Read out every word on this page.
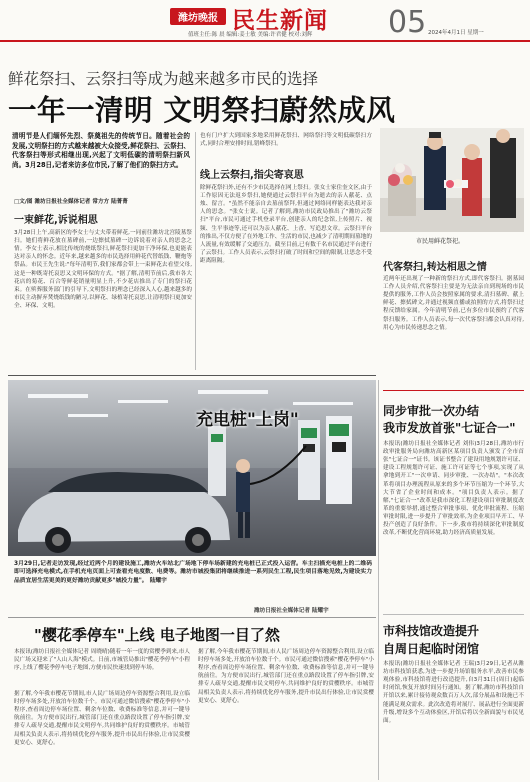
潍坊晚报 民生新闻 05 2024年4月1日 星期一
值班主任:陈 晨 编辑:姜士敏 美编:许君健 校对:刘辉
鲜花祭扫、云祭扫等成为越来越多市民的选择
一年一清明 文明祭扫蔚然成风
清明节是人们缅怀先烈、祭奠祖先的传统节日。随着社会的发展,文明祭扫的方式越来越被大众接受,鲜花祭扫、云祭扫、代客祭扫等形式相继出现,兴起了文明低碳的清明祭扫新风尚。3月28日,记者来访多位市民,了解了他们的祭扫方式。
□文/图 潍坊日报社全媒体记者 常方方 陆菁菁
一束鲜花,诉说相思
3月28日上午,高新区的李女士与丈夫带着鲜花,一同前往潍坊北宫陵墓祭扫。她们将鲜花放在墓碑前,一边擦拭墓碑一边诉说着对亲人的思念之情。李女士表示,相比传统的烧纸祭扫,鲜花祭扫更加干净环保,也更能表达对亲人的怀念。近年来,越来越多的市民选择用鲜花代替纸钱、鞭炮等祭品。市民王先生说:"每年清明节,我们家都会带上一束鲜花去看望父母,这是一种既寄托哀思又文明环保的方式。"据了解,清明节前后,我市各大花店的菊花、百合等鲜花销量明显上升,不少花店推出了专门的祭扫花束。在殡葬服务部门的引导下,文明祭扫的理念已经深入人心,越来越多的市民主动摒弃焚烧纸钱的陋习,以鲜花、绿植寄托哀思,让清明祭扫更加安全、环保、文明。
也有门户扩大到国家多地采用鲜花祭扫、网络祭扫等文明低碳祭扫方式,同时合理安排时间,错峰祭扫。
线上云祭扫,指尖寄哀思
除鲜花祭扫外,还有不少市民选择在网上祭扫。张女士家住奎文区,由于工作原因无法返乡祭扫,她便通过云祭扫平台为逝去的亲人献花、点烛、留言。"虽然不能亲自去墓前祭拜,但通过网络同样能表达我对亲人的思念。"张女士说。记者了解到,潍坊市民政局推出了"潍坊云祭扫"平台,市民可通过手机登录平台,创建亲人的纪念馆,上传照片、视频、生平事迹等,还可以为亲人献花、上香、写追思文章。云祭扫平台的推出,不仅方便了在外地工作、生活的市民,也减少了清明期间墓地的人流量,有效缓解了交通压力。截至目前,已有数千名市民通过平台进行了云祭扫。工作人员表示,云祭扫打破了时间和空间的限制,让思念不受距离阻隔。
市民用鲜花祭祀。
代客祭扫,转达相思之情
近两年还出现了一种新的祭扫方式,即代客祭扫。据墓园工作人员介绍,代客祭扫主要是为无法亲自到现场的市民提供的服务,工作人员会按照家属的要求,清扫墓碑、献上鲜花、擦拭碑文,并通过视频直播或拍照的方式,将祭扫过程反馈给家属。今年清明节前,已有多位市民预约了代客祭扫服务。工作人员表示,每一次代客祭扫都会认真对待,用心为市民传递思念之情。
充电桩"上岗"
3月29日,记者走访发现,经过近两个月的建设施工,潍坊火车站北广场地下停车场新建的充电桩已正式投入运营。车主扫描充电桩上的二维码即可选择充电模式,在手机充电页面上可查看充电度数、电费等。潍坊市城投集团将继续推进一系列民生工程,民生项目落地见效,为建设实力品质宜居生活更美的更好潍坊贡献更多"城投力量"。 陆耀宇
潍坊日报社全媒体记者 陆耀宇
"樱花季停车"上线 电子地图一目了然
本报讯(潍坊日报社全媒体记者 周晓晴)随着一年一度的赏樱季到来,市人民广场又迎来了"人山人海"模式。日前,市城管局推出"樱花季停车"小程序,上线了樱花季停车电子地图,方便市民快速找到停车场。
据了解,今年我市樱花节期间,市人民广场周边停车资源整合利用,设立临时停车场多处,开放泊车位数千个。市民可通过微信搜索"樱花季停车"小程序,查看周边停车场位置、剩余车位数、收费标准等信息,并可一键导航前往。为方便市民出行,城管部门还在重点路段设置了停车指引牌,安排专人疏导交通,提醒市民文明停车,共同维护良好的赏樱秩序。市城管局相关负责人表示,将持续优化停车服务,提升市民出行体验,让市民赏樱更安心、更舒心。
据了解,今年我市樱花节期间,市人民广场周边停车资源整合利用,设立临时停车场多处,开放泊车位数千个。市民可通过微信搜索"樱花季停车"小程序,查看周边停车场位置、剩余车位数、收费标准等信息,并可一键导航前往。为方便市民出行,城管部门还在重点路段设置了停车指引牌,安排专人疏导交通,提醒市民文明停车,共同维护良好的赏樱秩序。市城管局相关负责人表示,将持续优化停车服务,提升市民出行体验,让市民赏樱更安心、更舒心。
同步审批一次办结
我市发放首张"七证合一"
本报讯(潍坊日报社全媒体记者 刘伟)3月28日,潍坊市行政审批服务局向潍坊高新区某项目负责人颁发了全市首张"七证合一"证书。该证书整合了建设用地规划许可证、建设工程规划许可证、施工许可证等七个事项,实现了从拿地到开工"一次申请、同步审批、一次办结"。"本次改革将项目办理流程从原来的多个环节压缩为一个环节,大大节省了企业时间和成本。"项目负责人表示。据了解,"七证合一"改革是我市深化工程建设项目审批制度改革的重要举措,通过整合审批事项、优化审批流程、压缩审批时限,进一步提升了审批效率,为企业项目早开工、早投产创造了良好条件。下一步,我市将持续深化审批制度改革,不断优化营商环境,助力经济高质量发展。
市科技馆改造提升
自周日起临时闭馆
本报讯(潍坊日报社全媒体记者 王瑞)3月29日,记者从潍坊市科技馆获悉,为进一步提升场馆服务水平,改善市民参观体验,市科技馆将进行改造提升,自3月31日(周日)起临时闭馆,恢复开放时间另行通知。据了解,潍坊市科技馆自开馆以来,累计接待观众数百万人次,部分展品和设施已不能满足观众需求。此次改造将对展厅、展品进行全面更新升级,增设多个互动体验区,开馆后将以全新面貌与市民见面。
